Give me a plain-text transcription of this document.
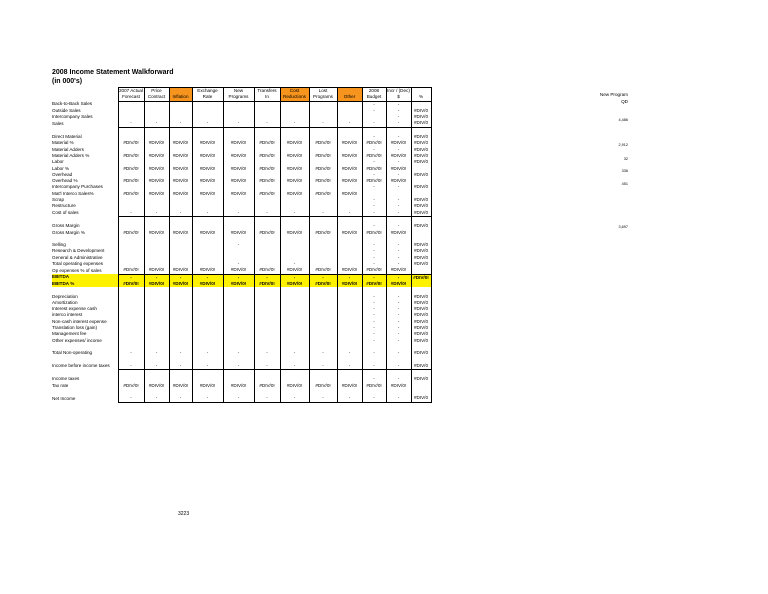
2008 Income Statement Walkforward
(in 000's)
	2007 Actual	Price		Exchange	New	Transfers	Cost	Lost		2008	Incr / (Dec)	
	Forecast	Contract	Inflation	Rate	Programs	In	Reductions	Programs	Other	Budget	$	%
Back-to-Back Sales										-	-	
Outside Sales										-	-	#DIV/0
Intercompany Sales											-	#DIV/0
Sales	-	-	-	-	-	-	-	-	-	-	-	#DIV/0

Direct Material										-	-	#DIV/0
Material %	#DIV/0!	#DIV/0!	#DIV/0!	#DIV/0!	#DIV/0!	#DIV/0!	#DIV/0!	#DIV/0!	#DIV/0!	#DIV/0!	#DIV/0!	#DIV/0
Material Adders										-	-	#DIV/0
Material Adders %	#DIV/0!	#DIV/0!	#DIV/0!	#DIV/0!	#DIV/0!	#DIV/0!	#DIV/0!	#DIV/0!	#DIV/0!	#DIV/0!	#DIV/0!	#DIV/0
Labor										-	-	#DIV/0
Labor %	#DIV/0!	#DIV/0!	#DIV/0!	#DIV/0!	#DIV/0!	#DIV/0!	#DIV/0!	#DIV/0!	#DIV/0!	#DIV/0!	#DIV/0!	
Overhead										-	-	#DIV/0
Overhead %	#DIV/0!	#DIV/0!	#DIV/0!	#DIV/0!	#DIV/0!	#DIV/0!	#DIV/0!	#DIV/0!	#DIV/0!	#DIV/0!	#DIV/0!	
Intercompany Purchases										-	-	#DIV/0
Mat'l Interco Sales%	#DIV/0!	#DIV/0!	#DIV/0!	#DIV/0!	#DIV/0!	#DIV/0!	#DIV/0!	#DIV/0!	#DIV/0!			
Scrap										-	-	#DIV/0
Restructure										-	-	#DIV/0
Cost of sales	-	-	-	-	-	-	-	-	-	-	-	#DIV/0

Gross Margin										-	-	#DIV/0
Gross Margin %	#DIV/0!	#DIV/0!	#DIV/0!	#DIV/0!	#DIV/0!	#DIV/0!	#DIV/0!	#DIV/0!	#DIV/0!	#DIV/0!	#DIV/0!	

Selling					-					-	-	#DIV/0
Research & Development										-	-	#DIV/0
General & Administrative										-	-	#DIV/0
Total operating expenses					-		-			-	-	#DIV/0
Op expenses % of sales	#DIV/0!	#DIV/0!	#DIV/0!	#DIV/0!	#DIV/0!	#DIV/0!	#DIV/0!	#DIV/0!	#DIV/0!	#DIV/0!	#DIV/0!	
EBITDA	-	-	-	-	-	-	-	-	-	-	-	#DIV/0!
EBITDA %	#DIV/0!	#DIV/0!	#DIV/0!	#DIV/0!	#DIV/0!	#DIV/0!	#DIV/0!	#DIV/0!	#DIV/0!	#DIV/0!	#DIV/0!	

Depreciation										-	-	#DIV/0
Amortization										-	-	#DIV/0
Interest expense cash										-	-	#DIV/0
interco interest										-	-	#DIV/0
Non-cash interest expense										-	-	#DIV/0
Translation loss (gain)										-	-	#DIV/0
Management fee										-	-	#DIV/0
Other expenses/ income										-	-	#DIV/0

Total Non-operating	-	-	-	-	-	-	-	-	-	-	-	#DIV/0

Income before income taxes	-	-	-	-	-	-	-	-	-	-	-	#DIV/0

Income taxes										-	-	#DIV/0
Tax rate	#DIV/0!	#DIV/0!	#DIV/0!	#DIV/0!	#DIV/0!	#DIV/0!	#DIV/0!	#DIV/0!	#DIV/0!	#DIV/0!	#DIV/0!	

Net Income	-	-	-	-	-	-	-	-	-	-	-	#DIV/0
New Program
QD
4,486
2,912
32
336
451
3,697
3223
